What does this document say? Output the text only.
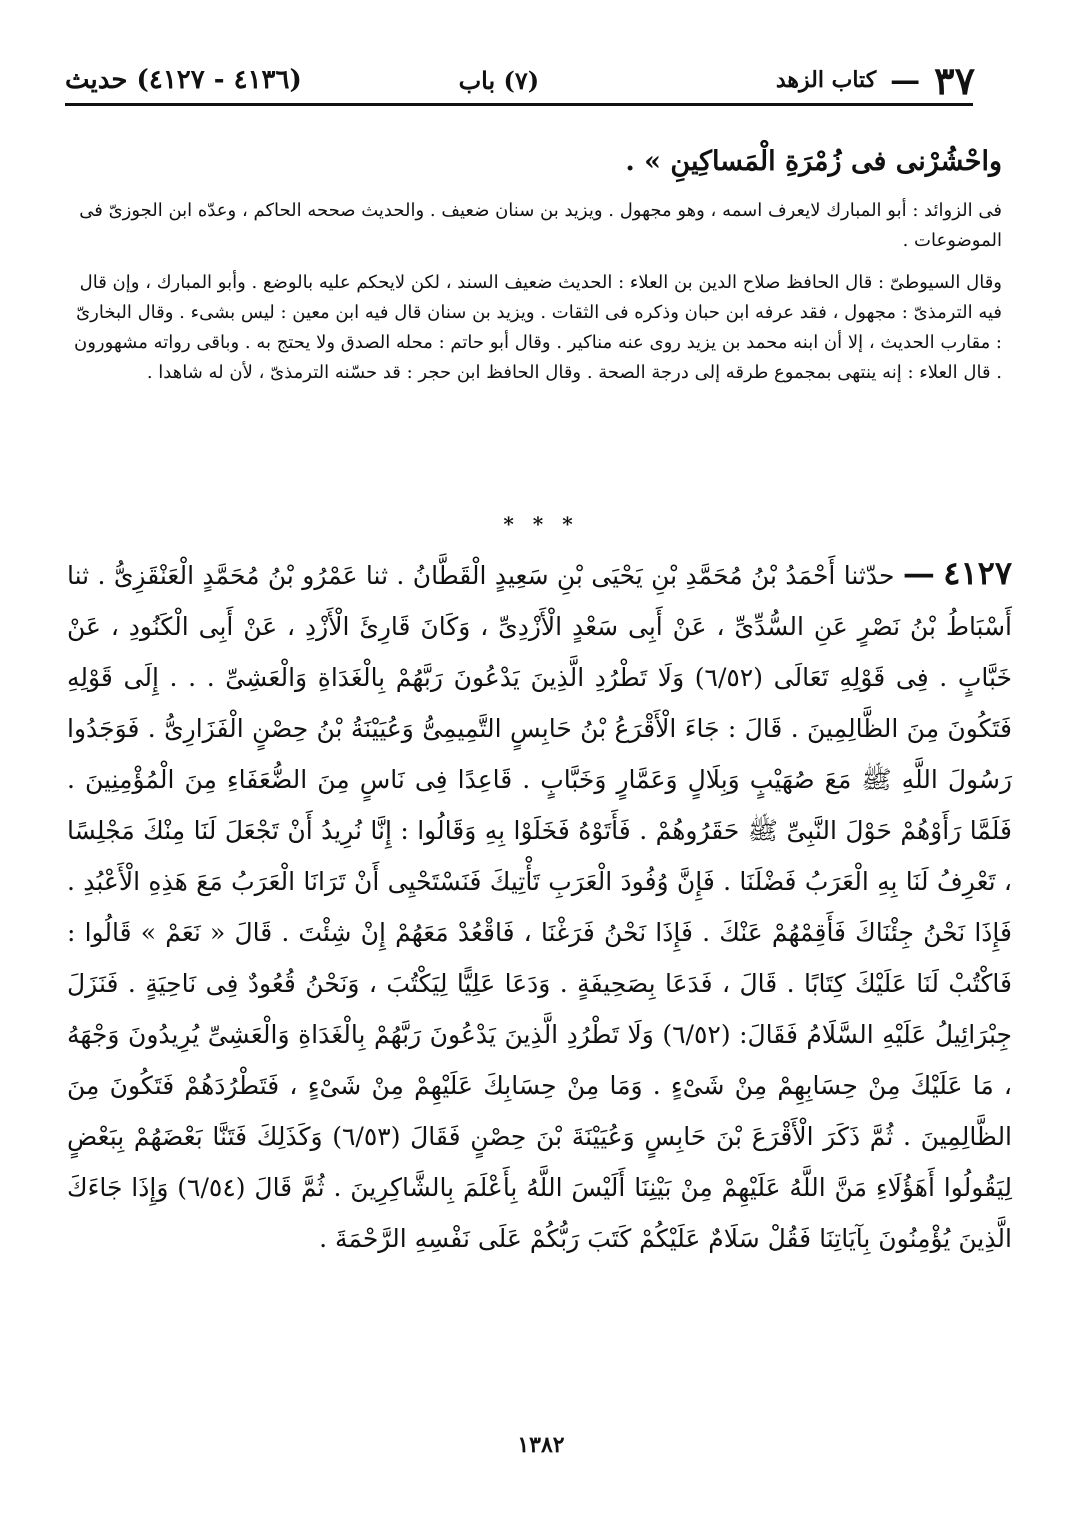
٣٧
—
كتاب الزهد
(٧) باب
(٤١٣٦ - ٤١٢٧) حديث
واحْشُرْنى فى زُمْرَةِ الْمَساكِينِ » .

فى الزوائد : أبو المبارك لايعرف اسمه ، وهو مجهول . ويزيد بن سنان ضعيف . والحديث صححه الحاكم ، وعدّه ابن الجوزىّ فى الموضوعات .

وقال السيوطىّ : قال الحافظ صلاح الدين بن العلاء : الحديث ضعيف السند ، لكن لايحكم عليه بالوضع . وأبو المبارك ، وإن قال فيه الترمذىّ : مجهول ، فقد عرفه ابن حبان وذكره فى الثقات . ويزيد بن سنان قال فيه ابن معين : ليس بشىء . وقال البخارىّ : مقارب الحديث ، إلا أن ابنه محمد بن يزيد روى عنه مناكير . وقال أبو حاتم : محله الصدق ولا يحتج به . وباقى رواته مشهورون . قال العلاء : إنه ينتهى بمجموع طرقه إلى درجة الصحة . وقال الحافظ ابن حجر : قد حسّنه الترمذىّ ، لأن له شاهدا .

* * *
٤١٢٧ — حدّثنا أَحْمَدُ بْنُ مُحَمَّدِ بْنِ يَحْيَى بْنِ سَعِيدٍ الْقَطَّانُ . ثنا عَمْرُو بْنُ مُحَمَّدٍ الْعَنْقَزِىُّ . ثنا أَسْبَاطُ بْنُ نَصْرٍ عَنِ السُّدِّىِّ ، عَنْ أَبِى سَعْدٍ الْأَزْدِىِّ ، وَكَانَ قَارِئَ الْأَزْدِ ، عَنْ أَبِى الْكَنُودِ ، عَنْ خَبَّابٍ . فِى قَوْلِهِ تَعَالَى (٦/٥٢) وَلَا تَطْرُدِ الَّذِينَ يَدْعُونَ رَبَّهُمْ بِالْغَدَاةِ وَالْعَشِىِّ . . . إِلَى قَوْلِهِ فَتَكُونَ مِنَ الظَّالِمِينَ . قَالَ : جَاءَ الْأَقْرَعُ بْنُ حَابِسٍ التَّمِيمِىُّ وَعُيَيْنَةُ بْنُ حِصْنٍ الْفَزَارِىُّ . فَوَجَدُوا رَسُولَ اللَّهِ ﷺ مَعَ صُهَيْبٍ وَبِلَالٍ وَعَمَّارٍ وَخَبَّابٍ . قَاعِدًا فِى نَاسٍ مِنَ الضُّعَفَاءِ مِنَ الْمُؤْمِنِينَ . فَلَمَّا رَأَوْهُمْ حَوْلَ النَّبِىِّ ﷺ حَقَرُوهُمْ . فَأَتَوْهُ فَخَلَوْا بِهِ وَقَالُوا : إِنَّا نُرِيدُ أَنْ تَجْعَلَ لَنَا مِنْكَ مَجْلِسًا ، تَعْرِفُ لَنَا بِهِ الْعَرَبُ فَضْلَنَا . فَإِنَّ وُفُودَ الْعَرَبِ تَأْتِيكَ فَنَسْتَحْيِى أَنْ تَرَانَا الْعَرَبُ مَعَ هَذِهِ الْأَعْبُدِ . فَإِذَا نَحْنُ جِئْنَاكَ فَأَقِمْهُمْ عَنْكَ . فَإِذَا نَحْنُ فَرَغْنَا ، فَاقْعُدْ مَعَهُمْ إِنْ شِئْتَ . قَالَ « نَعَمْ » قَالُوا : فَاكْتُبْ لَنَا عَلَيْكَ كِتَابًا . قَالَ ، فَدَعَا بِصَحِيفَةٍ . وَدَعَا عَلِيًّا لِيَكْتُبَ ، وَنَحْنُ قُعُودٌ فِى نَاحِيَةٍ . فَنَزَلَ جِبْرَائِيلُ عَلَيْهِ السَّلَامُ فَقَالَ: (٦/٥٢) وَلَا تَطْرُدِ الَّذِينَ يَدْعُونَ رَبَّهُمْ بِالْغَدَاةِ وَالْعَشِىِّ يُرِيدُونَ وَجْهَهُ ، مَا عَلَيْكَ مِنْ حِسَابِهِمْ مِنْ شَىْءٍ . وَمَا مِنْ حِسَابِكَ عَلَيْهِمْ مِنْ شَىْءٍ ، فَتَطْرُدَهُمْ فَتَكُونَ مِنَ الظَّالِمِينَ . ثُمَّ ذَكَرَ الْأَقْرَعَ بْنَ حَابِسٍ وَعُيَيْنَةَ بْنَ حِصْنٍ فَقَالَ (٦/٥٣) وَكَذَلِكَ فَتَنَّا بَعْضَهُمْ بِبَعْضٍ لِيَقُولُوا أَهَؤُلَاءِ مَنَّ اللَّهُ عَلَيْهِمْ مِنْ بَيْنِنَا أَلَيْسَ اللَّهُ بِأَعْلَمَ بِالشَّاكِرِينَ . ثُمَّ قَالَ (٦/٥٤) وَإِذَا جَاءَكَ الَّذِينَ يُؤْمِنُونَ بِآيَاتِنَا فَقُلْ سَلَامٌ عَلَيْكُمْ كَتَبَ رَبُّكُمْ عَلَى نَفْسِهِ الرَّحْمَةَ .
١٣٨٢
